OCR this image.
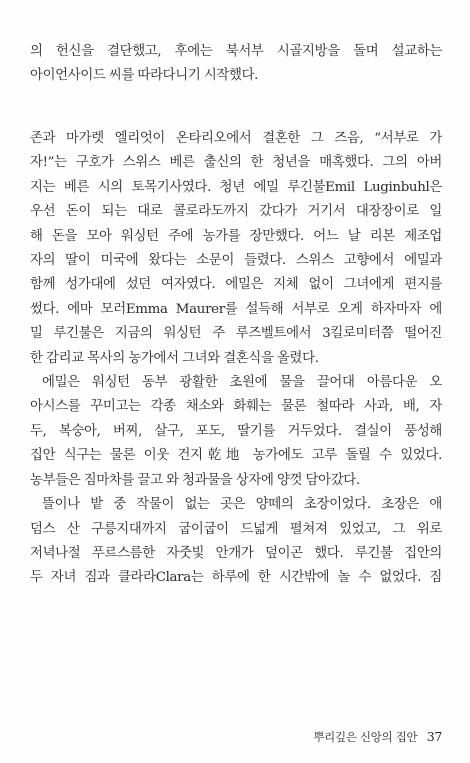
의 헌신을 결단했고, 후에는 북서부 시골지방을 돌며 설교하는
아이언사이드 씨를 따라다니기 시작했다.
존과 마가렛 엘리엇이 온타리오에서 결혼한 그 즈음, “서부로 가
자!”는 구호가 스위스 베른 출신의 한 청년을 매혹했다. 그의 아버
지는 베른 시의 토목기사였다. 청년 에밀 루긴불Emil Luginbuhl은
우선 돈이 되는 대로 콜로라도까지 갔다가 거기서 대장장이로 일
해 돈을 모아 워싱턴 주에 농가를 장만했다. 어느 날 리본 제조업
자의 딸이 미국에 왔다는 소문이 들렸다. 스위스 고향에서 에밀과
함께 성가대에 섰던 여자였다. 에밀은 지체 없이 그녀에게 편지를
썼다. 에마 모러Emma Maurer를 설득해 서부로 오게 하자마자 에
밀 루긴불은 지금의 워싱턴 주 루즈벨트에서 3킬로미터쯤 떨어진
한 감리교 목사의 농가에서 그녀와 결혼식을 올렸다.
에밀은 워싱턴 동부 광활한 초원에 물을 끌어대 아름다운 오
아시스를 꾸미고는 각종 채소와 화훼는 물론 철따라 사과, 배, 자
두, 복숭아, 버찌, 살구, 포도, 딸기를 거두었다. 결실이 풍성해
집안 식구는 물론 이웃 건지乾地 농가에도 고루 돌릴 수 있었다.
농부들은 짐마차를 끌고 와 청과물을 상자에 양껏 담아갔다.
뜰이나 밭 중 작물이 없는 곳은 양떼의 초장이었다. 초장은 애
덤스 산 구릉지대까지 굽이굽이 드넓게 펼쳐져 있었고, 그 위로
저녁나절 푸르스름한 자줏빛 안개가 덮이곤 했다. 루긴불 집안의
두 자녀 짐과 클라라Clara는 하루에 한 시간밖에 놀 수 없었다. 짐
뿌리깊은 신앙의 집안 37
